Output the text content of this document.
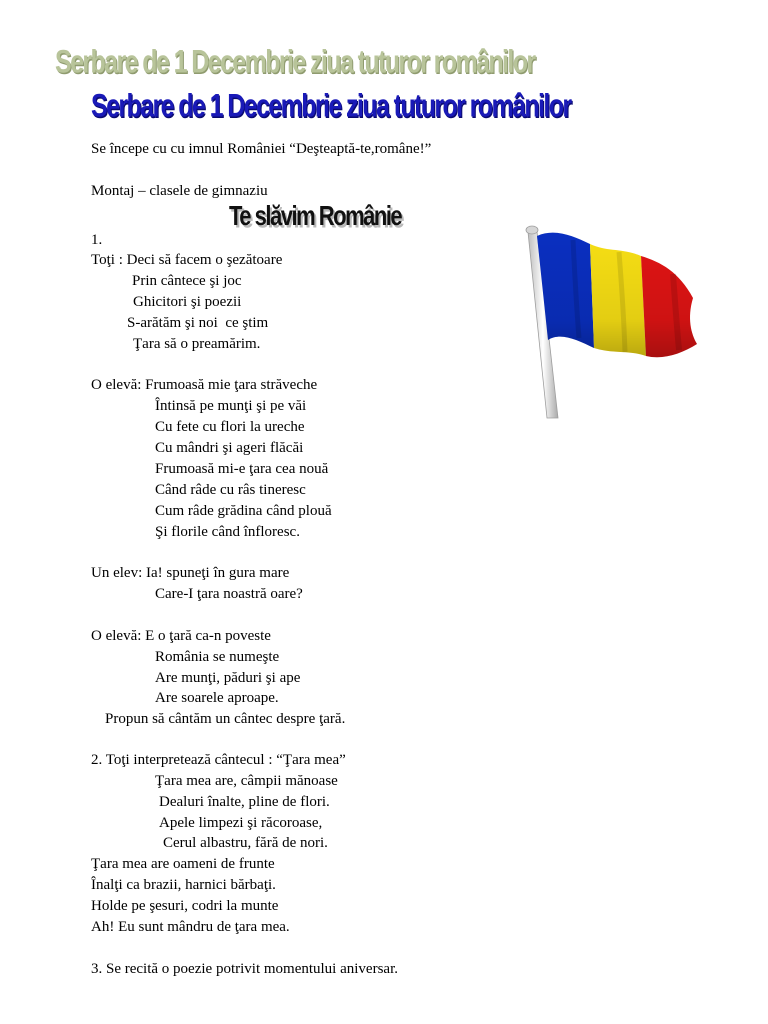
Serbare de 1 Decembrie ziua tuturor românilor
Serbare de 1 Decembrie ziua tuturor românilor
Se începe cu cu imnul României “Deşteaptă-te,române!”
Montaj – clasele de gimnaziu
Te slăvim Românie
1.
Toţi : Deci să facem o şezătoare
Prin cântece şi joc
Ghicitori şi poezii
S-arătăm şi noi  ce ştim
Ţara să o preamărim.
O elevă: Frumoasă mie ţara străveche
Întinsă pe munţi şi pe văi
Cu fete cu flori la ureche
Cu mândri şi ageri flăcăi
Frumoasă mi-e ţara cea nouă
Când râde cu râs tineresc
Cum râde grădina când plouă
Şi florile când înfloresc.
Un elev: Ia! spuneţi în gura mare
Care-I ţara noastră oare?
O elevă: E o ţară ca-n poveste
România se numeşte
Are munţi, păduri şi ape
Are soarele aproape.
Propun să cântăm un cântec despre ţară.
2. Toţi interpretează cântecul : “Ţara mea”
Ţara mea are, câmpii mănoase
Dealuri înalte, pline de flori.
Apele limpezi şi răcoroase,
Cerul albastru, fără de nori.
Ţara mea are oameni de frunte
Înalţi ca brazii, harnici bărbaţi.
Holde pe şesuri, codri la munte
Ah! Eu sunt mândru de ţara mea.
3. Se recită o poezie potrivit momentului aniversar.
